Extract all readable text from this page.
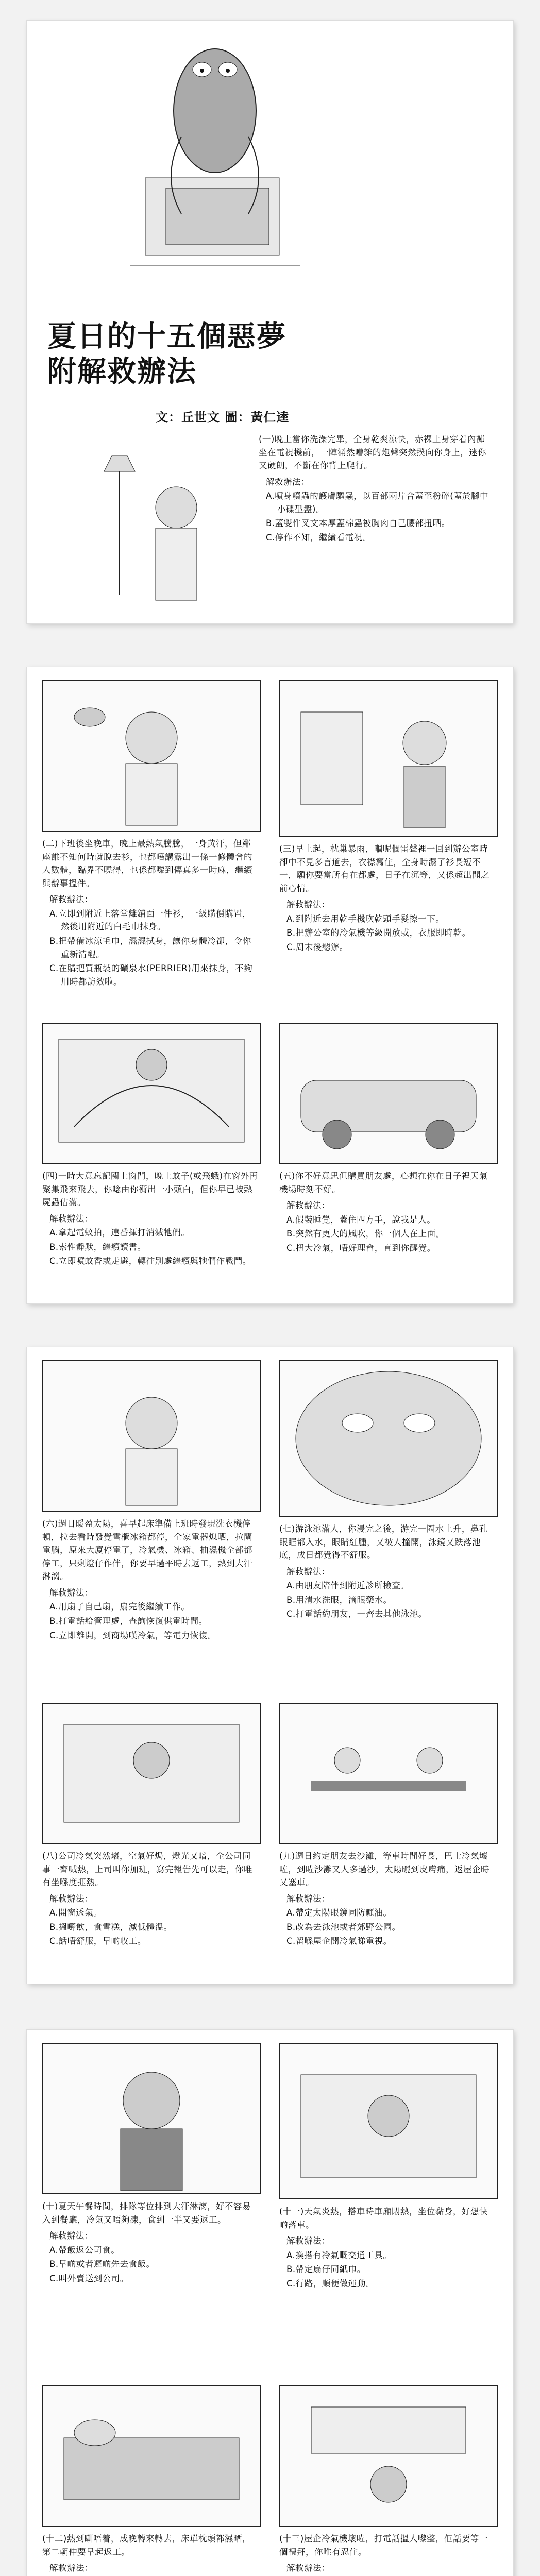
夏日的十五個惡夢
附解救辦法
文：丘世文 圖：黃仁逵

(一)晚上當你洗澡完畢，全身乾爽涼快，赤裸上身穿着內褲坐在電視機前，一陣涌然嘈雜的炮聲突然撲向你身上，迷你又硬朗，不斷在你背上爬行。

解救辦法：

A.噴身噴蟲的護膚驅蟲，以百部兩片合蓋至粉碎(蓋於腳中小碟型盤)。
B.蓋雙件叉文本厚蓋棉蟲被胸肉自己腰部扭晒。
C.停作不知，繼續看電視。

(二)下班後坐晚車，晚上最熱氣騰騰，一身黃汗，但鄰座誰不知何時就脫去衫，乜都唔講露出一條一條體會的人數體，臨界不曉得，乜係都嚟到傳真多一時麻，繼續與辦事搵件。

解救辦法：

A.立即到附近上落堂離鋪面一件衫，一級購價購置，然後用附近的白毛巾抹身。
B.把帶備冰涼毛巾，濕濕拭身，讓你身體冷卻，令你重新清醒。
C.在購把買瓶裝的礦泉水(PERRIER)用來抹身，不夠用時都訪效啦。

(三)早上起，枕巢暴雨，嗰呢個雷聲裡一回到辦公室時卻中不見多言道去，衣襟寫住，全身時濕了衫長短不一，願你要當所有在都處，日子在沉等，又係超出聞之前心情。

解救辦法：

A.到附近去用乾手機吹乾頭手髮擦一下。
B.把辦公室的冷氣機等級開放或，衣服即時乾。
C.周末後總辦。

(四)一時大意忘記關上窗門，晚上蚊子(或飛蛾)在窗外再聚集飛來飛去，你唸由你衝出一小頭白，但你早已被熱屍蟲佔滿。

解救辦法：

A.拿起電蚊拍，連番揮打消滅牠們。
B.索性靜默，繼續讀書。
C.立即噴蚊香或走避，轉往別處繼續與牠們作戰鬥。

(五)你不好意思但購買朋友處，心想在你在日子裡天氣機場時刻不好。

解救辦法：

A.假裝睡覺，蓋住四方手，說我是人。
B.突然有更大的風吹，你一個人在上面。
C.扭大冷氣，唔好理會，直到你醒覺。

(六)週日暖盈太陽，喜早起床準備上班時發現洗衣機停頓，拉去看時發覺雪櫃冰箱都停，全家電器熄晒，拉閘電腦，原來大廈停電了，冷氣機、冰箱、抽濕機全部都停工，只剩燈仔作伴，你要早過平時去返工，熱到大汗淋漓。

解救辦法：

A.用扇子自己扇，扇完後繼續工作。
B.打電話給管理處，查詢恢復供電時間。
C.立即離開，到商場嘆冷氣，等電力恢復。

(七)游泳池滿人，你浸完之後，游完一圈水上升，鼻孔眼眶都入水，眼睛紅腫，又被人撞開，泳鏡又跌落池底，成日都覺得不舒服。

解救辦法：

A.由朋友陪伴到附近診所檢查。
B.用清水洗眼，滴眼藥水。
C.打電話約朋友，一齊去其他泳池。

(八)公司冷氣突然壞，空氣好焗，燈光又暗，全公司同事一齊喊熱，上司叫你加班，寫完報告先可以走，你唯有坐喺度捱熱。

解救辦法：

A.開窗透氣。
B.搵嘢飲，食雪糕，減低體溫。
C.話唔舒服，早啲收工。

(九)週日約定朋友去沙灘，等車時間好長，巴士冷氣壞咗，到咗沙灘又人多過沙，太陽曬到皮膚痛，返屋企時又塞車。

解救辦法：

A.帶定太陽眼鏡同防曬油。
B.改為去泳池或者郊野公園。
C.留喺屋企開冷氣睇電視。

(十)夏天午餐時間，排隊等位排到大汗淋漓，好不容易入到餐廳，冷氣又唔夠凍，食到一半又要返工。

解救辦法：

A.帶飯返公司食。
B.早啲或者遲啲先去食飯。
C.叫外賣送到公司。

(十一)天氣炎熱，搭車時車廂悶熱，坐位黏身，好想快啲落車。

解救辦法：

A.換搭有冷氣嘅交通工具。
B.帶定扇仔同紙巾。
C.行路，順便做運動。

(十二)熱到瞓唔着，成晚轉來轉去，床單枕頭都濕晒，第二朝仲要早起返工。

解救辦法：

(十三)屋企冷氣機壞咗，打電話搵人嚟整，佢話要等一個禮拜，你唯有忍住。

解救辦法：
